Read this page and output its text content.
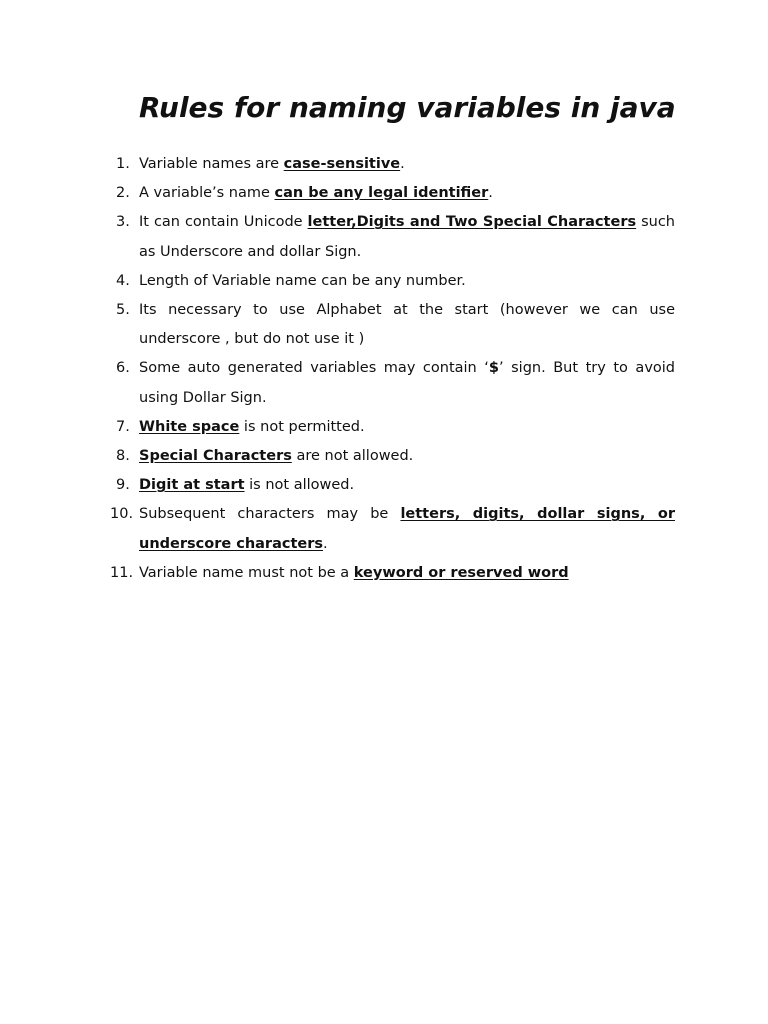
Rules for naming variables in java
1. Variable names are case-sensitive.
2. A variable’s name can be any legal identifier.
3. It can contain Unicode letter,Digits and Two Special Characters such as Underscore and dollar Sign.
4. Length of Variable name can be any number.
5. Its necessary to use Alphabet at the start (however we can use underscore , but do not use it )
6. Some auto generated variables may contain ‘$’ sign. But try to avoid using Dollar Sign.
7. White space is not permitted.
8. Special Characters are not allowed.
9. Digit at start is not allowed.
10. Subsequent characters may be letters, digits, dollar signs, or underscore characters.
11. Variable name must not be a keyword or reserved word
